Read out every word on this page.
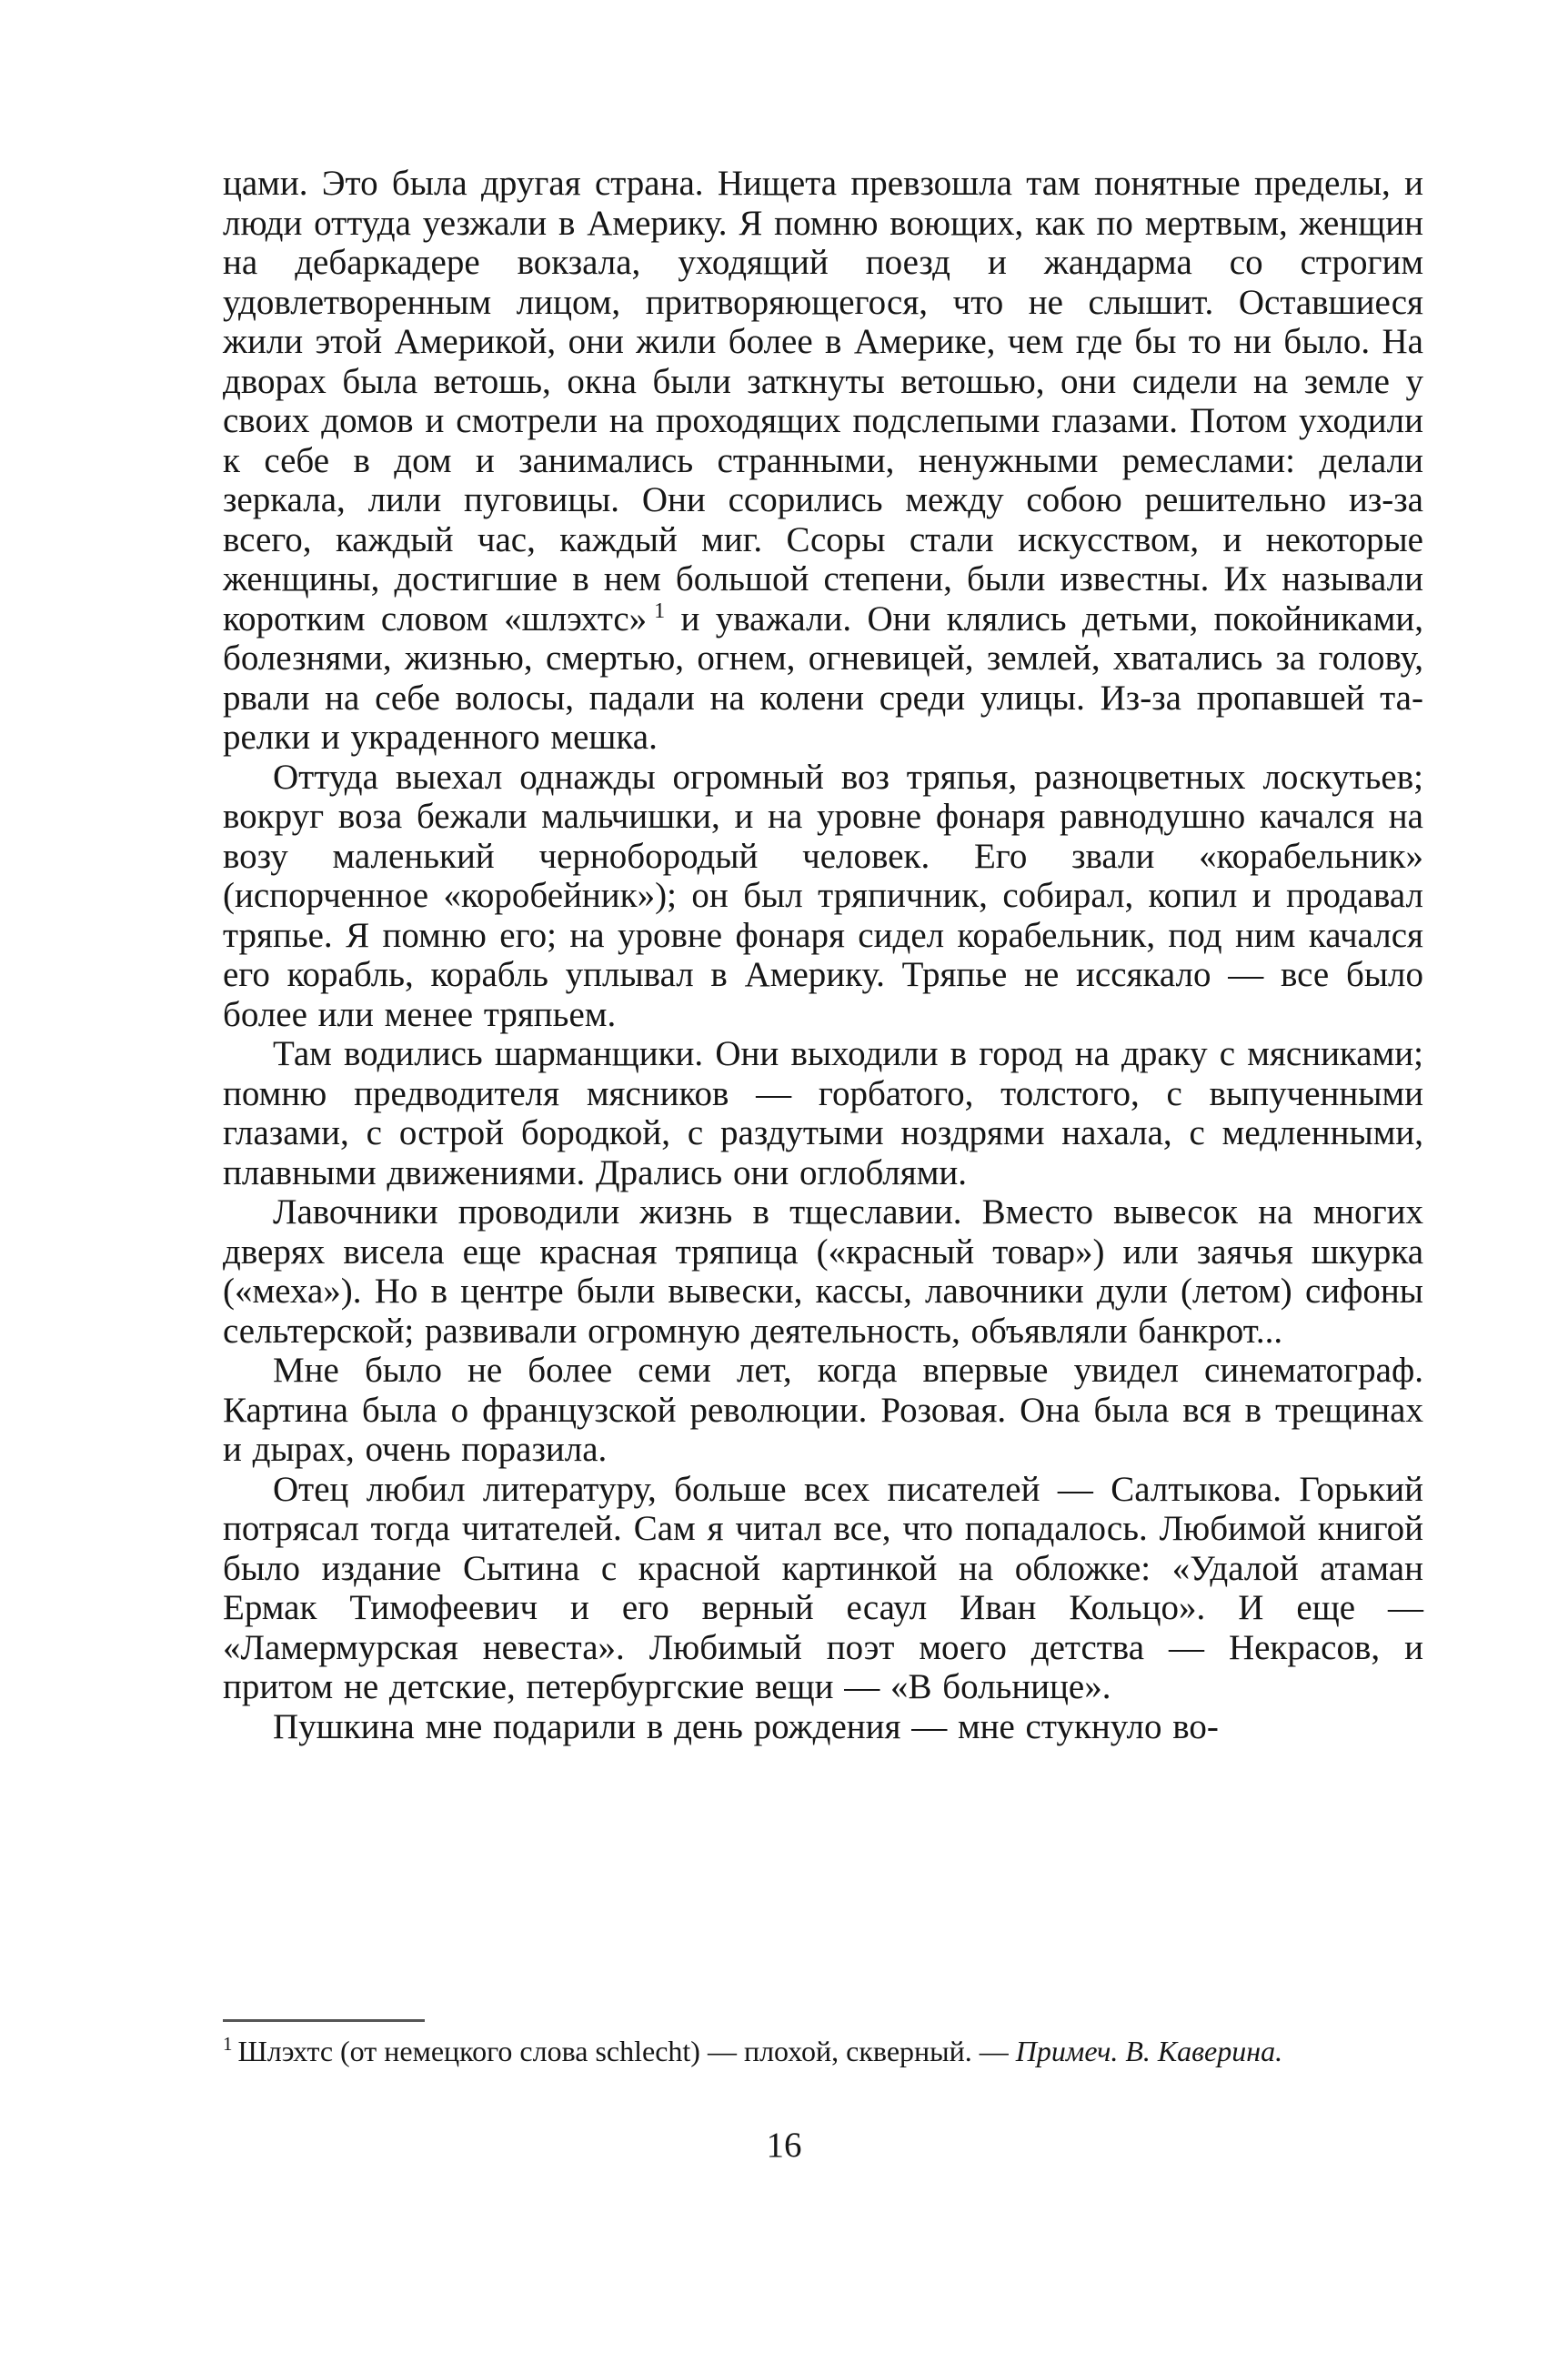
цами. Это была другая страна. Нищета превзошла там понятные пределы, и люди оттуда уезжали в Америку. Я помню воющих, как по мертвым, женщин на дебаркадере вокзала, уходящий поезд и жандарма со строгим удовлетворенным лицом, притворяющегося, что не слышит. Оставшиеся жили этой Америкой, они жили более в Америке, чем где бы то ни было. На дворах была ветошь, окна были заткнуты ветошью, они сидели на земле у своих домов и смотрели на проходящих подслепыми глазами. Потом уходили к себе в дом и занимались странными, ненужными ремеслами: делали зеркала, лили пуговицы. Они ссорились между собою решительно из-за всего, каждый час, каждый миг. Ссоры стали искусством, и некоторые женщины, достигшие в нем большой степени, были известны. Их называли коротким словом «шлэхтс» $^1$ и уважали. Они клялись детьми, покойниками, болезнями, жизнью, смертью, огнем, огневицей, землей, хватались за голову, рвали на себе волосы, падали на колени среди улицы. Из-за пропавшей тарелки и украденного мешка.

Оттуда выехал однажды огромный воз тряпья, разноцветных лоскутьев; вокруг воза бежали мальчишки, и на уровне фонаря равнодушно качался на возу маленький чернобородый человек. Его звали «корабельник» (испорченное «коробейник»); он был тряпичник, собирал, копил и продавал тряпье. Я помню его; на уровне фонаря сидел корабельник, под ним качался его корабль, корабль уплывал в Америку. Тряпье не иссякало — все было более или менее тряпьем.

Там водились шарманщики. Они выходили в город на драку с мясниками; помню предводителя мясников — горбатого, толстого, с выпученными глазами, с острой бородкой, с раздутыми ноздрями нахала, с медленными, плавными движениями. Дрались они оглоблями.

Лавочники проводили жизнь в тщеславии. Вместо вывесок на многих дверях висела еще красная тряпица («красный товар») или заячья шкурка («меха»). Но в центре были вывески, кассы, лавочники дули (летом) сифоны сельтерской; развивали огромную деятельность, объявляли банкрот...

Мне было не более семи лет, когда впервые увидел синематограф. Картина была о французской революции. Розовая. Она была вся в трещинах и дырах, очень поразила.

Отец любил литературу, больше всех писателей — Салтыкова. Горький потрясал тогда читателей. Сам я читал все, что попадалось. Любимой книгой было издание Сытина с красной картинкой на обложке: «Удалой атаман Ермак Тимофеевич и его верный есаул Иван Кольцо». И еще — «Ламермурская невеста». Любимый поэт моего детства — Некрасов, и притом не детские, петербургские вещи — «В больнице».

Пушкина мне подарили в день рождения — мне стукнуло во-

$^1$ Шлэхтс (от немецкого слова schlecht) — плохой, скверный. — Примеч. В. Каверина.
16
